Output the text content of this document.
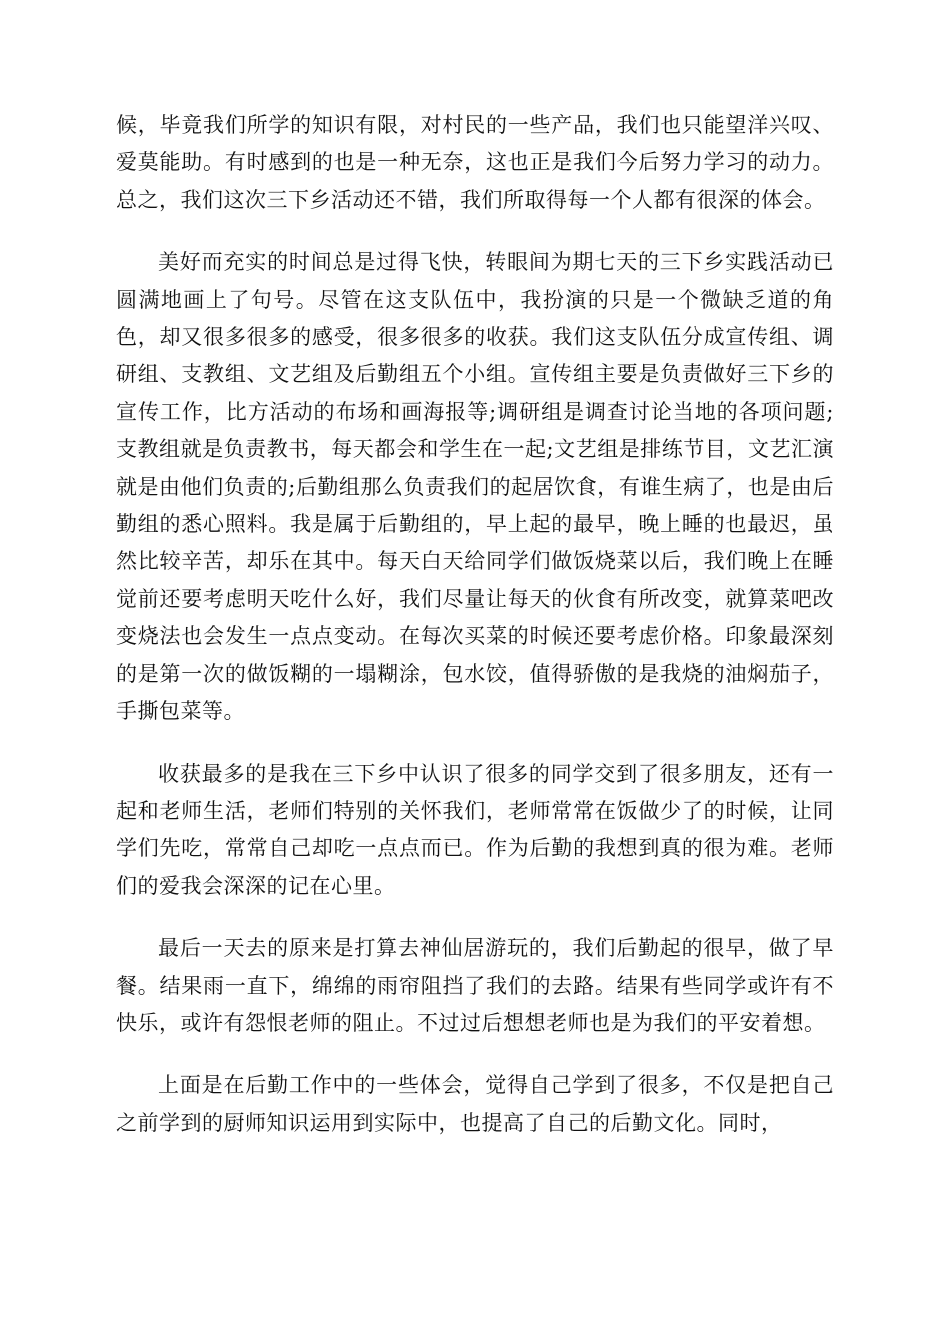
候，毕竟我们所学的知识有限，对村民的一些产品，我们也只能望洋兴叹、爱莫能助。有时感到的也是一种无奈，这也正是我们今后努力学习的动力。总之，我们这次三下乡活动还不错，我们所取得每一个人都有很深的体会。

美好而充实的时间总是过得飞快，转眼间为期七天的三下乡实践活动已圆满地画上了句号。尽管在这支队伍中，我扮演的只是一个微缺乏道的角色，却又很多很多的感受，很多很多的收获。我们这支队伍分成宣传组、调研组、支教组、文艺组及后勤组五个小组。宣传组主要是负责做好三下乡的宣传工作，比方活动的布场和画海报等;调研组是调查讨论当地的各项问题;支教组就是负责教书，每天都会和学生在一起;文艺组是排练节目，文艺汇演就是由他们负责的;后勤组那么负责我们的起居饮食，有谁生病了，也是由后勤组的悉心照料。我是属于后勤组的，早上起的最早，晚上睡的也最迟，虽然比较辛苦，却乐在其中。每天白天给同学们做饭烧菜以后，我们晚上在睡觉前还要考虑明天吃什么好，我们尽量让每天的伙食有所改变，就算菜吧改变烧法也会发生一点点变动。在每次买菜的时候还要考虑价格。印象最深刻的是第一次的做饭糊的一塌糊涂，包水饺，值得骄傲的是我烧的油焖茄子，手撕包菜等。

收获最多的是我在三下乡中认识了很多的同学交到了很多朋友，还有一起和老师生活，老师们特别的关怀我们，老师常常在饭做少了的时候，让同学们先吃，常常自己却吃一点点而已。作为后勤的我想到真的很为难。老师们的爱我会深深的记在心里。

最后一天去的原来是打算去神仙居游玩的，我们后勤起的很早，做了早餐。结果雨一直下，绵绵的雨帘阻挡了我们的去路。结果有些同学或许有不快乐，或许有怨恨老师的阻止。不过过后想想老师也是为我们的平安着想。

上面是在后勤工作中的一些体会，觉得自己学到了很多，不仅是把自己之前学到的厨师知识运用到实际中，也提高了自己的后勤文化。同时，
